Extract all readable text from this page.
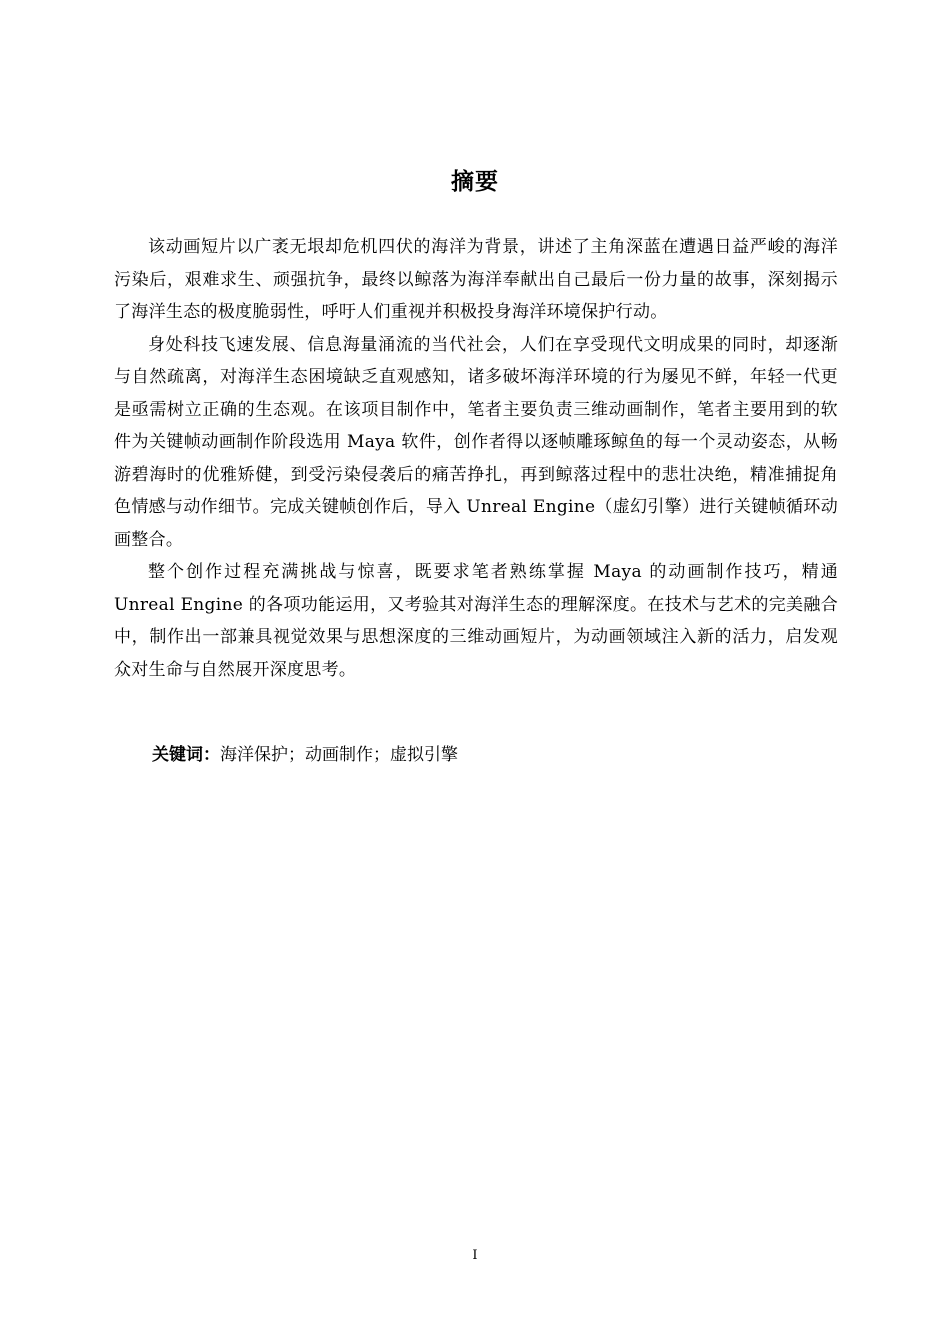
摘要

该动画短片以广袤无垠却危机四伏的海洋为背景，讲述了主角深蓝在遭遇日益严峻的海洋污染后，艰难求生、顽强抗争，最终以鲸落为海洋奉献出自己最后一份力量的故事，深刻揭示了海洋生态的极度脆弱性，呼吁人们重视并积极投身海洋环境保护行动。

身处科技飞速发展、信息海量涌流的当代社会，人们在享受现代文明成果的同时，却逐渐与自然疏离，对海洋生态困境缺乏直观感知，诸多破坏海洋环境的行为屡见不鲜，年轻一代更是亟需树立正确的生态观。在该项目制作中，笔者主要负责三维动画制作，笔者主要用到的软件为关键帧动画制作阶段选用 Maya 软件，创作者得以逐帧雕琢鲸鱼的每一个灵动姿态，从畅游碧海时的优雅矫健，到受污染侵袭后的痛苦挣扎，再到鲸落过程中的悲壮决绝，精准捕捉角色情感与动作细节。完成关键帧创作后，导入 Unreal Engine（虚幻引擎）进行关键帧循环动画整合。

整个创作过程充满挑战与惊喜，既要求笔者熟练掌握 Maya 的动画制作技巧，精通 Unreal Engine 的各项功能运用，又考验其对海洋生态的理解深度。在技术与艺术的完美融合中，制作出一部兼具视觉效果与思想深度的三维动画短片，为动画领域注入新的活力，启发观众对生命与自然展开深度思考。

关键词：海洋保护；动画制作；虚拟引擎
I
